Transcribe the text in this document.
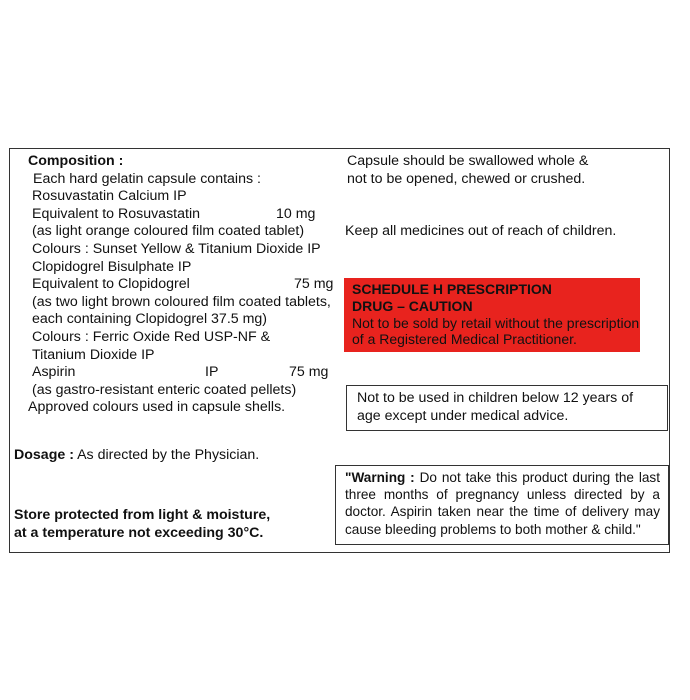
Composition :
Each hard gelatin capsule contains :
Rosuvastatin Calcium IP
Equivalent to Rosuvastatin	10 mg
(as light orange coloured film coated tablet)
Colours : Sunset Yellow & Titanium Dioxide IP
Clopidogrel Bisulphate IP
Equivalent to Clopidogrel	75 mg
(as two light brown coloured film coated tablets,
each containing Clopidogrel 37.5 mg)
Colours : Ferric Oxide Red USP-NF &
Titanium Dioxide IP
Aspirin	IP	75 mg
(as gastro-resistant enteric coated pellets)
Approved colours used in capsule shells.
Dosage : As directed by the Physician.
Store protected from light & moisture,
at a temperature not exceeding 30°C.
Capsule should be swallowed whole &
not to be opened, chewed or crushed.
Keep all medicines out of reach of children.
SCHEDULE H PRESCRIPTION
DRUG – CAUTION
Not to be sold by retail without the prescription
of a Registered Medical Practitioner.
Not to be used in children below 12 years of
age except under medical advice.
"Warning : Do not take this product during the last three months of pregnancy unless directed by a doctor. Aspirin taken near the time of delivery may cause bleeding problems to both mother & child."
